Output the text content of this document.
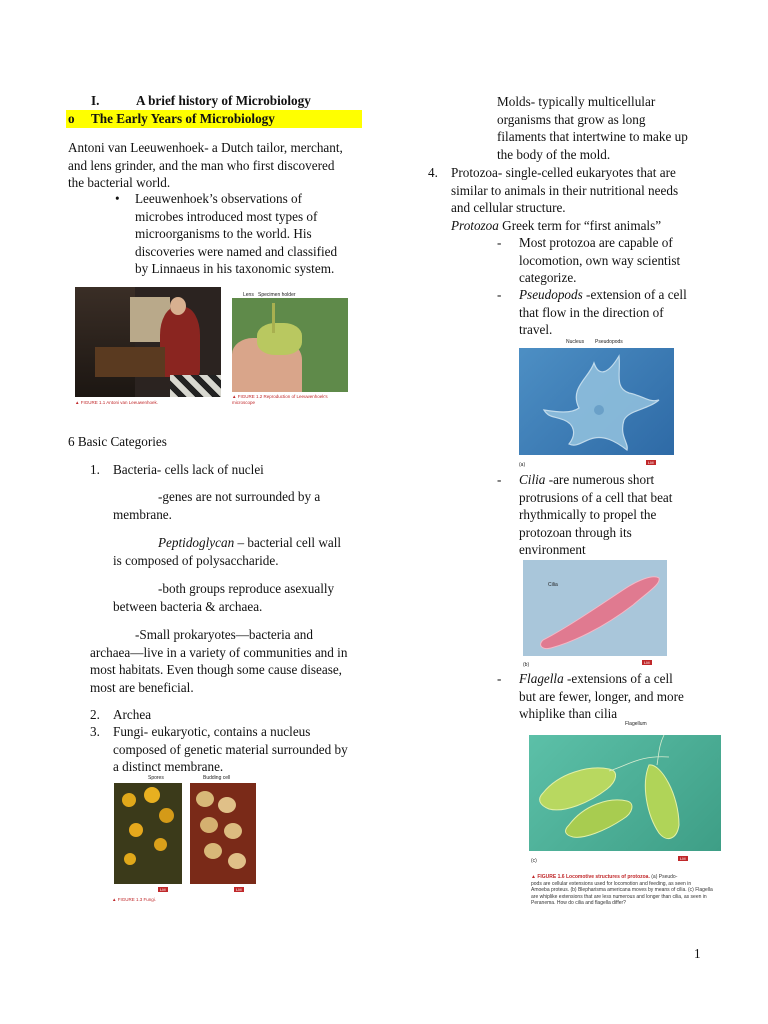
I.	A brief history of Microbiology
o The Early Years of Microbiology
Antoni van Leeuwenhoek- a Dutch tailor, merchant,
and lens grinder, and the man who first discovered
the bacterial world.
• Leeuwenhoek’s observations of
microbes introduced most types of
microorganisms to the world. His
discoveries were named and classified
by Linnaeus in his taxonomic system.
▲ FIGURE 1.1 Antoni van Leeuwenhoek.
Lens Specimen holder
▲ FIGURE 1.2 Reproduction of Leeuwenhoek's microscope
6 Basic Categories
1. Bacteria- cells lack of nuclei
-genes are not surrounded by a
membrane.
Peptidoglycan – bacterial cell wall
is composed of polysaccharide.
-both groups reproduce asexually
between bacteria & archaea.
-Small prokaryotes—bacteria and
archaea—live in a variety of communities and in
most habitats. Even though some cause disease,
most are beneficial.
2. Archea
3. Fungi- eukaryotic, contains a nucleus
composed of genetic material surrounded by
a distinct membrane.
Spores	Budding cell
LM	LM
▲ FIGURE 1.3 Fungi.
Molds- typically multicellular
organisms that grow as long
filaments that intertwine to make up
the body of the mold.
4. Protozoa- single-celled eukaryotes that are
similar to animals in their nutritional needs
and cellular structure.
Protozoa Greek term for “first animals”
- Most protozoa are capable of
locomotion, own way scientist
categorize.
- Pseudopods -extension of a cell
that flow in the direction of
travel.
Nucleus Pseudopods
(a)	LM
- Cilia -are numerous short
protrusions of a cell that beat
rhythmically to propel the
protozoan through its
environment
Cilia
(b)	LM
- Flagella -extensions of a cell
but are fewer, longer, and more
whiplike than cilia
Flagellum
(c)	LM
▲ FIGURE 1.6 Locomotive structures of protozoa. (a) Pseudo-
pods are cellular extensions used for locomotion and feeding, as seen in
Amoeba proteus. (b) Blepharisma americana moves by means of cilia. (c) Flagella
are whiplike extensions that are less numerous and longer than cilia, as seen in
Peranema. How do cilia and flagella differ?
1
